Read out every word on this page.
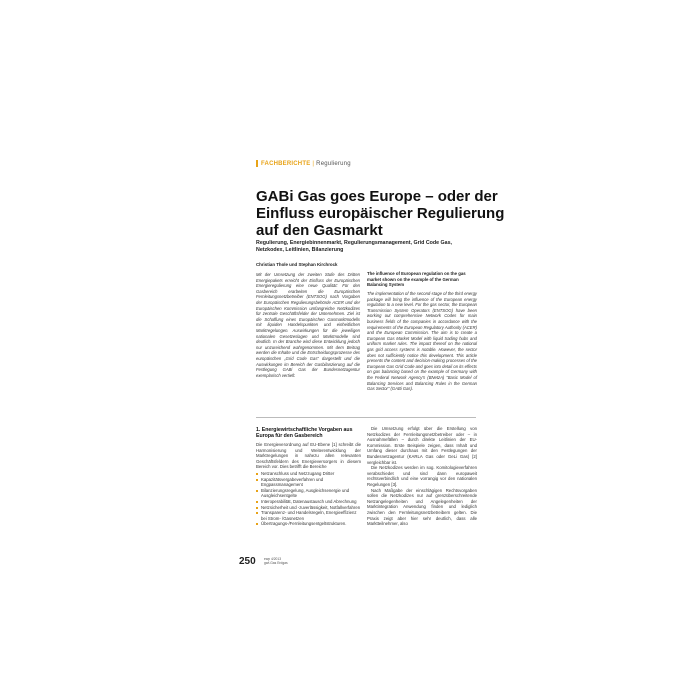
FACHBERICHTE | Regulierung
GABi Gas goes Europe – oder der Einfluss europäischer Regulierung auf den Gasmarkt
Regulierung, Energiebinnenmarkt, Regulierungsmanagement, Grid Code Gas, Netzkodex, Leitlinien, Bilanzierung
Christian Thole und Stephan Kirchrock

Mit der Umsetzung der zweiten Stufe des Dritten Energiepakets erreicht der Einfluss der Europäischen Energieregulierung eine neue Qualität: Für den Gasbereich erarbeiten die Europäischen Fernleitungsnetzbetreiber (ENTSOG) nach Vorgaben der Europäischen Regulierungsbehörde ACER und der Europäischen Kommission umfangreiche Netzkodizes für zentrale Geschäftsfelder der Unternehmen. Ziel ist die Schaffung eines Europäischen Gasmarktmodells mit liquiden Handelspunkten und einheitlichen Marktregelungen. Auswirkungen für die jeweiligen nationalen Gesetzeslagen und Marktmodelle sind deutlich. In der Branche wird diese Entwicklung jedoch nur unzureichend wahrgenommen. Mit dem Beitrag werden die Inhalte und die Entscheidungsprozesse des europäischen „Grid Code Gas“ dargestellt und die Auswirkungen im Bereich der Gasbilanzierung auf die Festlegung GABi Gas der Bundesnetzagentur exemplarisch vertieft.

The influence of European regulation on the gas market shown on the example of the German Balancing System

The implementation of the second-stage of the third energy package will bring the influence of the European energy regulation to a new level. For the gas sector, the European Transmission System Operators (ENTSOG) have been working out comprehensive Network Codes for main business fields of the companies in accordance with the requirements of the European Regulatory Authority (ACER) and the European Commission. The aim is to create a European Gas Market Model with liquid trading hubs and uniform market rules. The impact thereof on the national gas grid access systems is notable. However, the sector does not sufficiently notice this development. This article presents the content and decision-making processes of the European Gas Grid Code and goes into detail on its effects on gas balancing based on the example of Germany with the Federal Network Agency's (BNetzA) “Basic Model of Balancing Services and Balancing Rules in the German Gas Sector” (GABi Gas).

1. Energiewirtschaftliche Vorgaben aus Europa für den Gasbereich

Die Energieverordnung auf EU-Ebene [1] schreibt die Harmonisierung und Weiterentwicklung der Marktregelungen in nahezu allen relevanten Geschäftsfeldern des Energieversorgers in diesem Bereich vor. Dies betrifft die Bereiche

Netzanschluss und Netzzugang Dritter
Kapazitätsvergabeverfahren und Engpassmanagement
Bilanzierungsregelung, Ausgleichsenergie und Ausgleichsentgelte
Interoperabilität, Datenaustausch und Abrechnung
Netzsicherheit und -zuverlässigkeit, Notfallverfahren
Transparenz- und Handelsregeln, Energieeffizienz bei Strom- /Gasnetzen
Übertragungs-/Fernleitungsentgeltstrukturen.

Die Umsetzung erfolgt über die Erstellung von Netzkodizes der Fernleitungsnetzbetreiber oder – in Ausnahmefällen – durch direkte Leitlinien der EU-Kommission. Erste Beispiele zeigen, dass Inhalt und Umfang dieser durchaus mit den Festlegungen der Bundesnetzagentur (KARLA Gas oder GeLi Gas) [2] vergleichbar ist.

Die Netzkodizes werden im sog. Komitologieverfahren verabschiedet und sind dann europaweit rechtsverbindlich und eine vorrangig vor den nationalen Regelungen [3].

Nach Maßgabe der einschlägigen Rechtsvorgaben sollen die Netzkodizes nur auf grenzüberschreitende Netzangelegenheiten und Angelegenheiten der Marktintegration Anwendung finden und lediglich zwischen den Fernleitungsnetzbetreibern gelten. Die Praxis zeigt aber hier sehr deutlich, dass alle Marktteilnehmer, also

250	ewp 4/2013
gwf-Gas Erdgas
